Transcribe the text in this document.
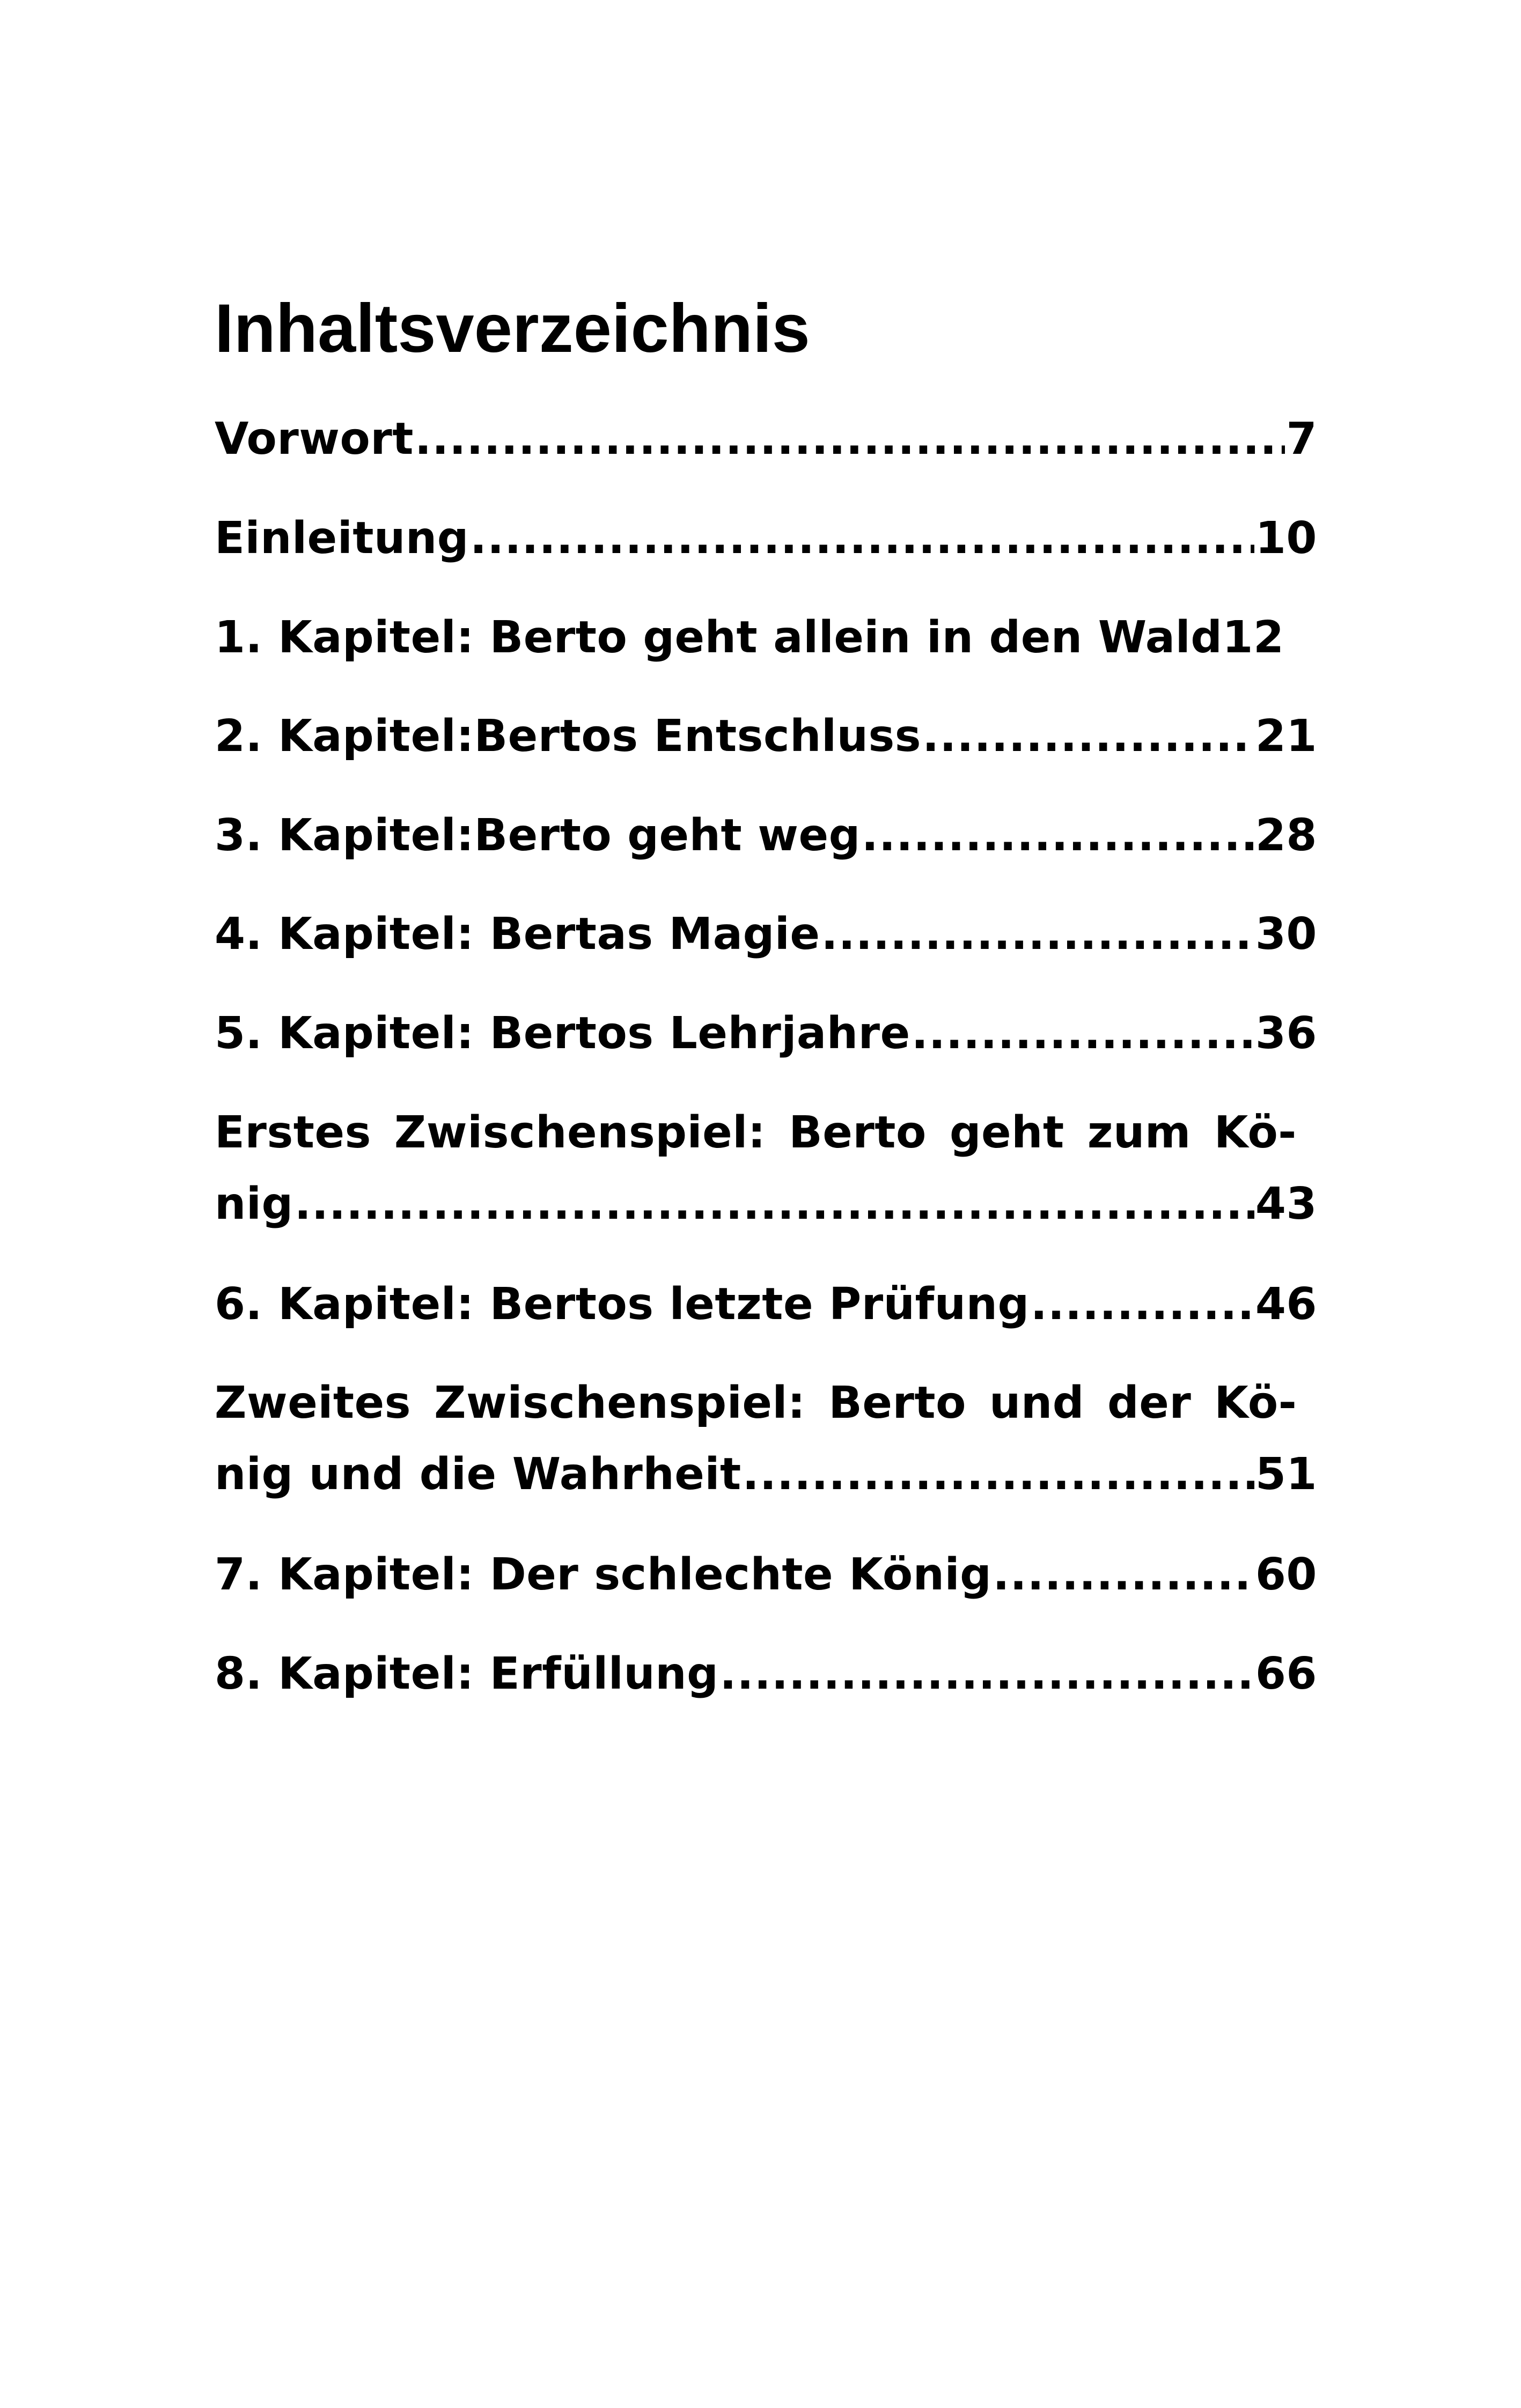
Inhaltsverzeichnis
Vorwort .....	7
Einleitung .....	10
1. Kapitel: Berto geht allein in den Wald 12
2. Kapitel:Bertos Entschluss .....	21
3. Kapitel:Berto geht weg .....	28
4. Kapitel: Bertas Magie .....	30
5. Kapitel: Bertos Lehrjahre .....	36
Erstes Zwischenspiel: Berto geht zum Kö-
nig .....	43
6. Kapitel: Bertos letzte Prüfung .....	46
Zweites Zwischenspiel: Berto und der Kö-
nig und die Wahrheit .....	51
7. Kapitel: Der schlechte König .....	60
8. Kapitel: Erfüllung .....	66
